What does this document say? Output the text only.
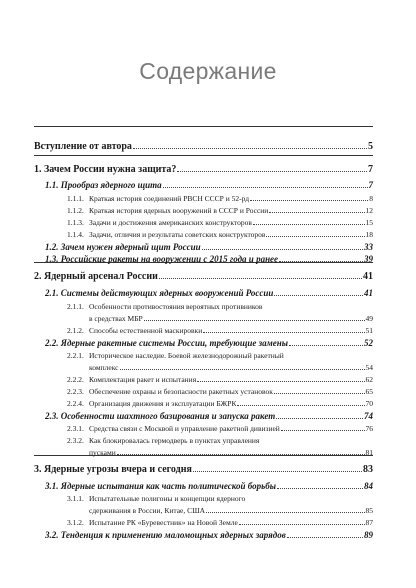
Содержание
Вступление от автора	5
1. Зачем России нужна защита?	7
1.1. Прообраз ядерного щита	7
1.1.1. Краткая история соединений РВСН СССР и 52-рд	8
1.1.2. Краткая история ядерных вооружений в СССР и России	12
1.1.3. Задачи и достижения американских конструкторов	15
1.1.4. Задачи, отличия и результаты советских конструкторов	18
1.2. Зачем нужен ядерный щит России	33
1.3. Российские ракеты на вооружении с 2015 года и ранее	39
2. Ядерный арсенал России	41
2.1. Системы действующих ядерных вооружений России	41
2.1.1. Особенности противостояния вероятных противников
в средствах МБР	49
2.1.2. Способы естественной маскировки	51
2.2. Ядерные ракетные системы России, требующие замены	52
2.2.1. Историческое наследие. Боевой железнодорожный ракетный
комплекс	54
2.2.2. Комплектация ракет и испытания	62
2.2.3. Обеспечение охраны и безопасности ракетных установок	65
2.2.4. Организация движения и эксплуатации БЖРК	70
2.3. Особенности шахтного базирования и запуска ракет	74
2.3.1. Средства связи с Москвой и управление ракетной дивизией	76
2.3.2. Как блокировалась гермодверь в пунктах управления
пусками	81
3. Ядерные угрозы вчера и сегодня	83
3.1. Ядерные испытания как часть политической борьбы	84
3.1.1. Испытательные полигоны и концепции ядерного
сдерживания в России, Китае, США	85
3.1.2. Испытание РК «Буревестник» на Новой Земле	87
3.2. Тенденция к применению маломощных ядерных зарядов	89
